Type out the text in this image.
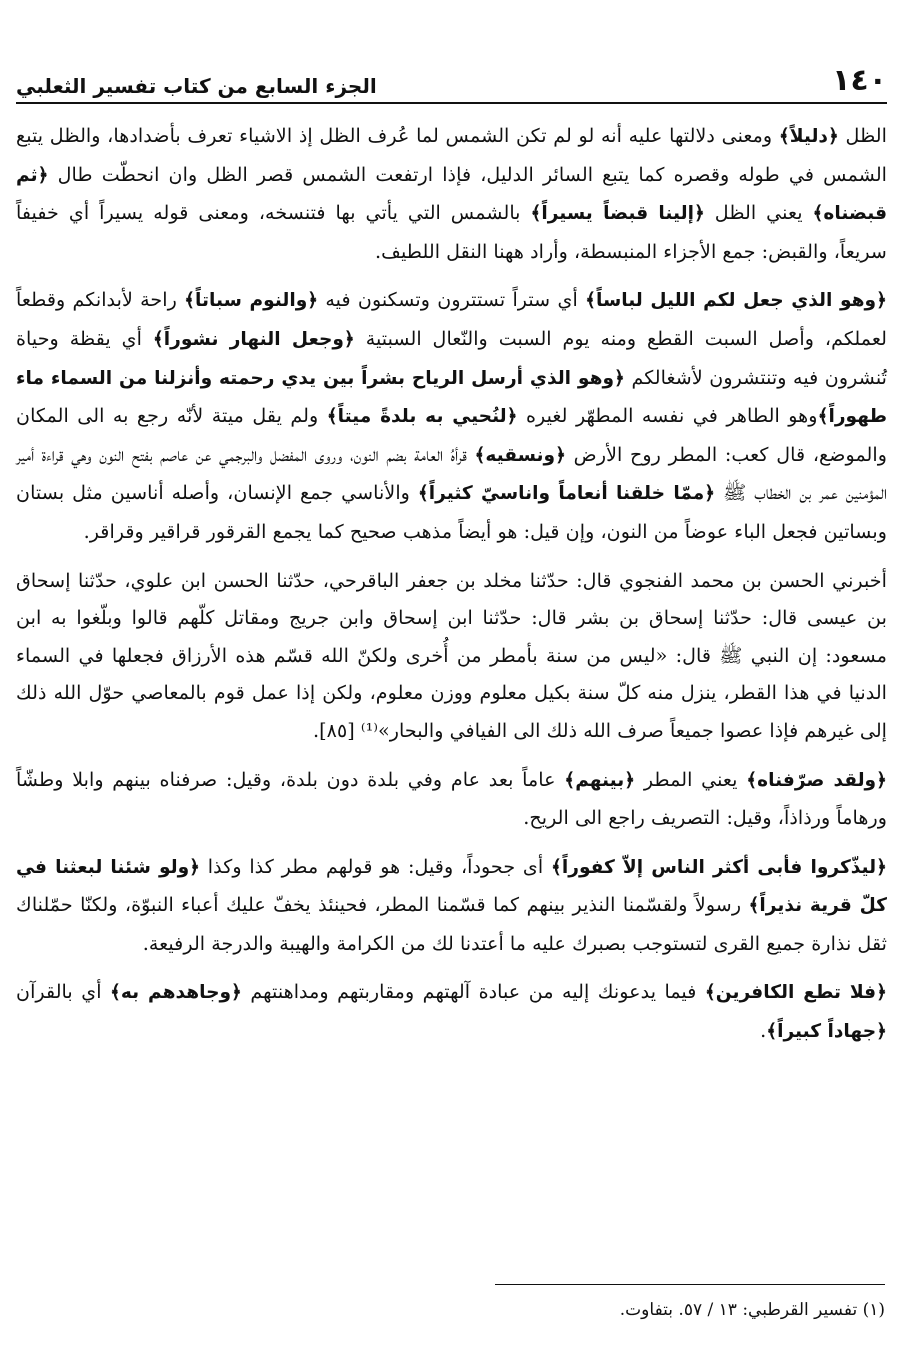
١٤٠
الجزء السابع من كتاب تفسير الثعلبي

الظل ﴿دليلاً﴾ ومعنى دلالتها عليه أنه لو لم تكن الشمس لما عُرف الظل إذ الاشياء تعرف بأضدادها، والظل يتبع الشمس في طوله وقصره كما يتبع السائر الدليل، فإذا ارتفعت الشمس قصر الظل وان انحطّت طال ﴿ثم قبضناه﴾ يعني الظل ﴿إلينا قبضاً يسيراً﴾ بالشمس التي يأتي بها فتنسخه، ومعنى قوله يسيراً أي خفيفاً سريعاً، والقبض: جمع الأجزاء المنبسطة، وأراد ههنا النقل اللطيف.

﴿وهو الذي جعل لكم الليل لباساً﴾ أي ستراً تستترون وتسكنون فيه ﴿والنوم سباتاً﴾ راحة لأبدانكم وقطعاً لعملكم، وأصل السبت القطع ومنه يوم السبت والنّعال السبتية ﴿وجعل النهار نشوراً﴾ أي يقظة وحياة تُنشرون فيه وتنتشرون لأشغالكم ﴿وهو الذي أرسل الرياح بشراً بين يدي رحمته وأنزلنا من السماء ماء طهوراً﴾وهو الطاهر في نفسه المطهّر لغيره ﴿لنُحيي به بلدةً ميتاً﴾ ولم يقل ميتة لأنّه رجع به الى المكان والموضع، قال كعب: المطر روح الأرض ﴿ونسقيه﴾ قرأهُ العامة بضم النون، وروى المفضل والبرجمي عن عاصم بفتح النون وهي قراءة أمير المؤمنين عمر بن الخطاب ﷺ ﴿ممّا خلقنا أنعاماً واناسيّ كثيراً﴾ والأناسي جمع الإنسان، وأصله أناسين مثل بستان وبساتين فجعل الباء عوضاً من النون، وإن قيل: هو أيضاً مذهب صحيح كما يجمع القرقور قراقير وقراقر.

أخبرني الحسن بن محمد الفنجوي قال: حدّثنا مخلد بن جعفر الباقرحي، حدّثنا الحسن ابن علوي، حدّثنا إسحاق بن عيسى قال: حدّثنا إسحاق بن بشر قال: حدّثنا ابن إسحاق وابن جريج ومقاتل كلّهم قالوا وبلّغوا به ابن مسعود: إن النبي ﷺ قال: «ليس من سنة بأمطر من أُخرى ولكنّ الله قسّم هذه الأرزاق فجعلها في السماء الدنيا في هذا القطر، ينزل منه كلّ سنة بكيل معلوم ووزن معلوم، ولكن إذا عمل قوم بالمعاصي حوّل الله ذلك إلى غيرهم فإذا عصوا جميعاً صرف الله ذلك الى الفيافي والبحار»⁽¹⁾ [٨٥].

﴿ولقد صرّفناه﴾ يعني المطر ﴿بينهم﴾ عاماً بعد عام وفي بلدة دون بلدة، وقيل: صرفناه بينهم وابلا وطشّاً ورهاماً ورذاذاً، وقيل: التصريف راجع الى الريح.

﴿ليذّكروا فأبى أكثر الناس إلاّ كفوراً﴾ أى جحوداً، وقيل: هو قولهم مطر كذا وكذا ﴿ولو شئنا لبعثنا في كلّ قرية نذيراً﴾ رسولاً ولقسّمنا النذير بينهم كما قسّمنا المطر، فحينئذ يخفّ عليك أعباء النبوّة، ولكنّا حمّلناك ثقل نذارة جميع القرى لتستوجب بصبرك عليه ما أعتدنا لك من الكرامة والهيبة والدرجة الرفيعة.

﴿فلا تطع الكافرين﴾ فيما يدعونك إليه من عبادة آلهتهم ومقاربتهم ومداهنتهم ﴿وجاهدهم به﴾ أي بالقرآن ﴿جهاداً كبيراً﴾.

(١) تفسير القرطبي: ١٣ / ٥٧. بتفاوت.
